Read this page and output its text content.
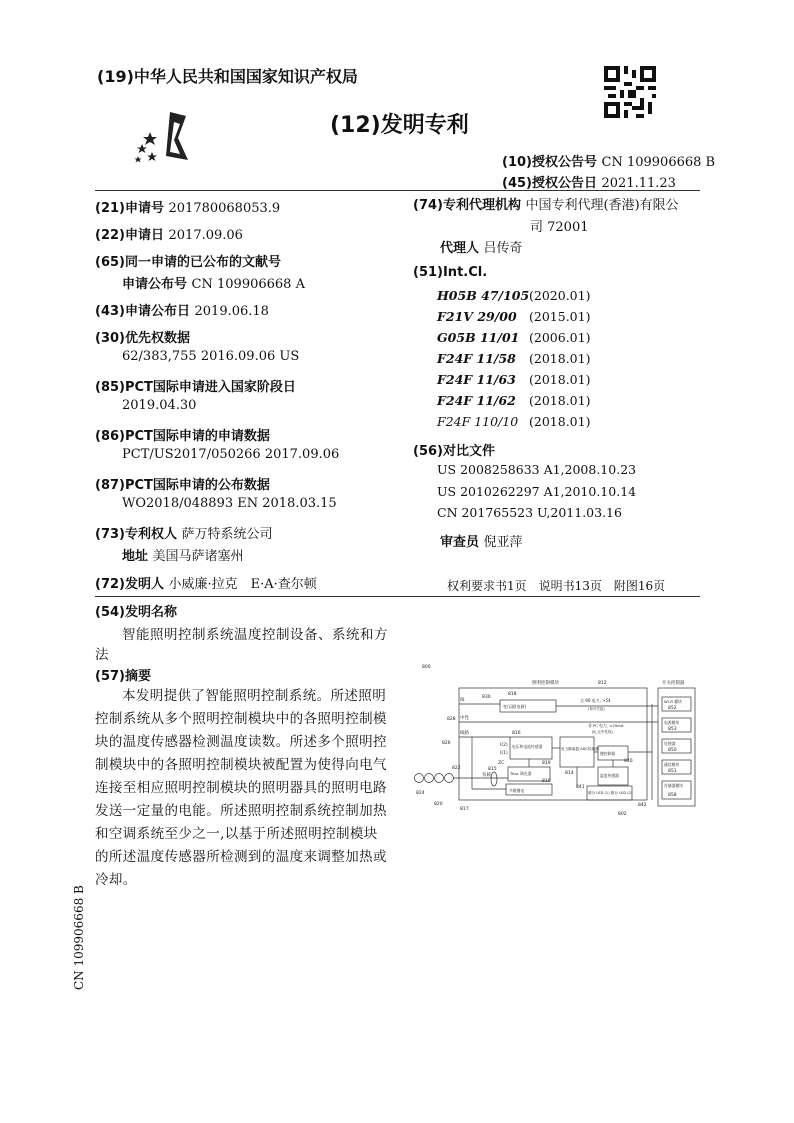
(19)中华人民共和国国家知识产权局
(12)发明专利
(10)授权公告号 CN 109906668 B
(45)授权公告日 2021.11.23
(21)申请号 201780068053.9
(22)申请日 2017.09.06
(65)同一申请的已公布的文献号
申请公布号 CN 109906668 A
(43)申请公布日 2019.06.18
(30)优先权数据
62/383,755 2016.09.06 US
(85)PCT国际申请进入国家阶段日
2019.04.30
(86)PCT国际申请的申请数据
PCT/US2017/050266 2017.09.06
(87)PCT国际申请的公布数据
WO2018/048893 EN 2018.03.15
(73)专利权人 萨万特系统公司
地址 美国马萨诸塞州
(72)发明人 小威廉·拉克　E·A·查尔顿
(74)专利代理机构 中国专利代理(香港)有限公
司 72001
代理人 吕传奇
(51)Int.Cl.
H05B 47/105(2020.01)
F21V 29/00 (2015.01)
G05B 11/01 (2006.01)
F24F 11/58 (2018.01)
F24F 11/63 (2018.01)
F24F 11/62 (2018.01)
F24F 110/10 (2018.01)
(56)对比文件
US 2008258633 A1,2008.10.23
US 2010262297 A1,2010.10.14
CN 201765523 U,2011.03.16
审查员 倪亚萍
权利要求书1页　说明书13页　附图16页
(54)发明名称
智能照明控制系统温度控制设备、系统和方
法
(57)摘要
本发明提供了智能照明控制系统。所述照明控制系统从多个照明控制模块中的各照明控制模块的温度传感器检测温度读数。所述多个照明控制模块中的各照明控制模块被配置为使得向电气连接至相应照明控制模块的照明器具的照明电路发送一定量的电能。所述照明控制系统控制加热和空调系统至少之一,以基于所述照明控制模块的所述温度传感器所检测到的温度来调整加热或冷却。
CN 109906668 B
800
812
802
830
828
826
822
824
820
817
818
816
815
819
810
814
840
841
842
852
853
850
851
858
照明控制模块	开关控制器
变压器(电源)
电压和电流传感器
Triac 调光器
多路继电
电力隔离器 ADC转换器
微控制器
温度传感器
微分 LED (1) 微分 LED (2)
线
中性
线路
负载
全 90 电力, >54
(每开关组)
非 PC 电力, <25mA
(K_无中性线)
Wi-Fi 模块
电源模块
处理器
通信模块
存储器模块
ZC
I(2)
I(1)
